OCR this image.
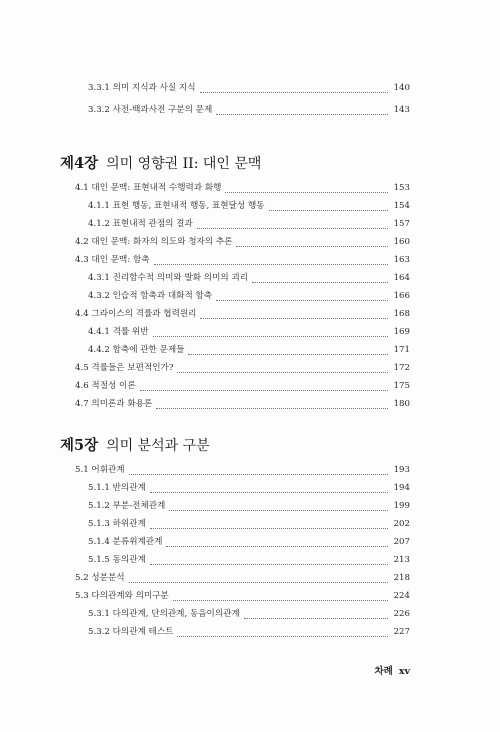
3.3.1 의미 지식과 사실 지식	140
3.3.2 사전-백과사전 구분의 문제	143
제4장 의미 영향권 II: 대인 문맥
4.1 대인 문맥: 표현내적 수행력과 화행	153
4.1.1 표현 행동, 표현내적 행동, 표현달성 행동	154
4.1.2 표현내적 관점의 결과	157
4.2 대인 문맥: 화자의 의도와 청자의 추론	160
4.3 대인 문맥: 함축	163
4.3.1 진리함수적 의미와 발화 의미의 괴리	164
4.3.2 인습적 함축과 대화적 함축	166
4.4 그라이스의 격률과 협력원리	168
4.4.1 격률 위반	169
4.4.2 함축에 관한 문제들	171
4.5 격률들은 보편적인가?	172
4.6 적절성 이론	175
4.7 의미론과 화용론	180
제5장 의미 분석과 구분
5.1 어휘관계	193
5.1.1 반의관계	194
5.1.2 부분-전체관계	199
5.1.3 하위관계	202
5.1.4 분류위계관계	207
5.1.5 동의관계	213
5.2 성분분석	218
5.3 다의관계와 의미구분	224
5.3.1 다의관계, 단의관계, 동음이의관계	226
5.3.2 다의관계 테스트	227
차례 xv
